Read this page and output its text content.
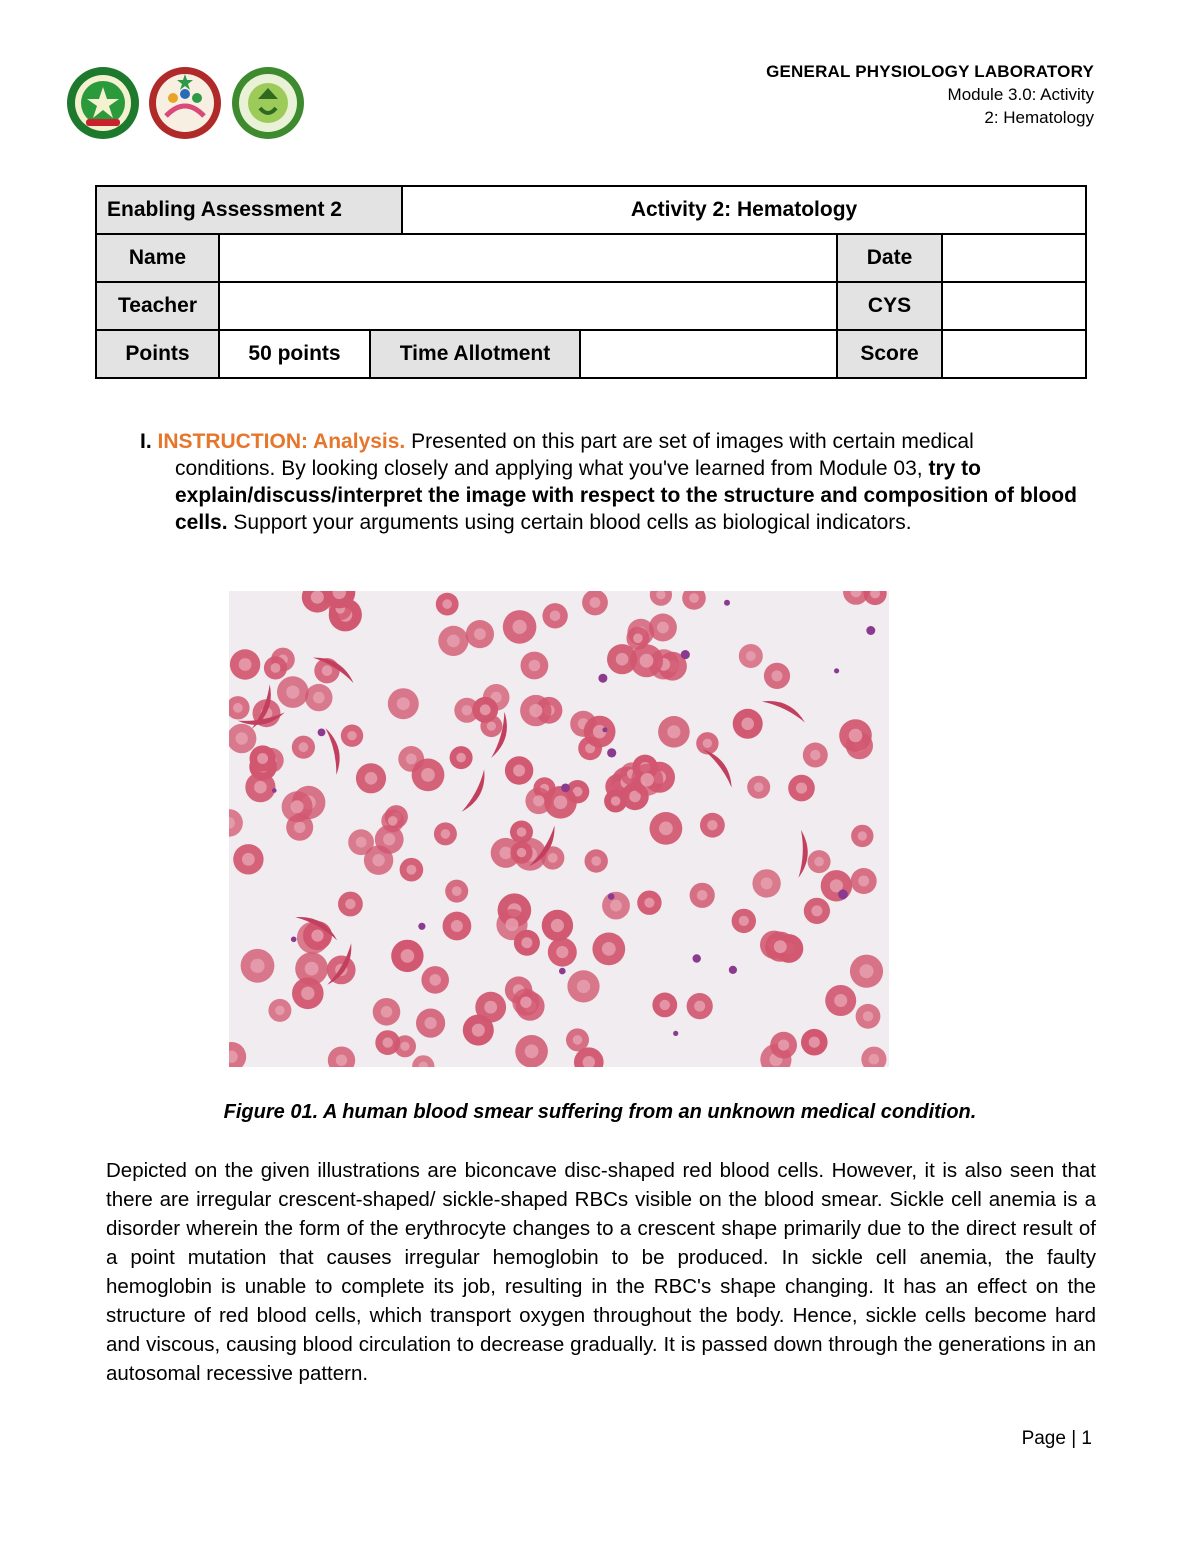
GENERAL PHYSIOLOGY LABORATORY
Module 3.0: Activity
2: Hematology
Enabling Assessment 2			Activity 2: Hematology			
Name					Date	
Teacher					CYS	
Points	50 points	Time Allotment			Score	
I. INSTRUCTION: Analysis. Presented on this part are set of images with certain medical
conditions. By looking closely and applying what you've learned from Module 03, try to explain/discuss/interpret the image with respect to the structure and composition of blood cells. Support your arguments using certain blood cells as biological indicators.
Figure 01. A human blood smear suffering from an unknown medical condition.
Depicted on the given illustrations are biconcave disc-shaped red blood cells. However, it is also seen that there are irregular crescent-shaped/ sickle-shaped RBCs visible on the blood smear. Sickle cell anemia is a disorder wherein the form of the erythrocyte changes to a crescent shape primarily due to the direct result of a point mutation that causes irregular hemoglobin to be produced. In sickle cell anemia, the faulty hemoglobin is unable to complete its job, resulting in the RBC's shape changing. It has an effect on the structure of red blood cells, which transport oxygen throughout the body. Hence, sickle cells become hard and viscous, causing blood circulation to decrease gradually. It is passed down through the generations in an autosomal recessive pattern.
Page | 1
